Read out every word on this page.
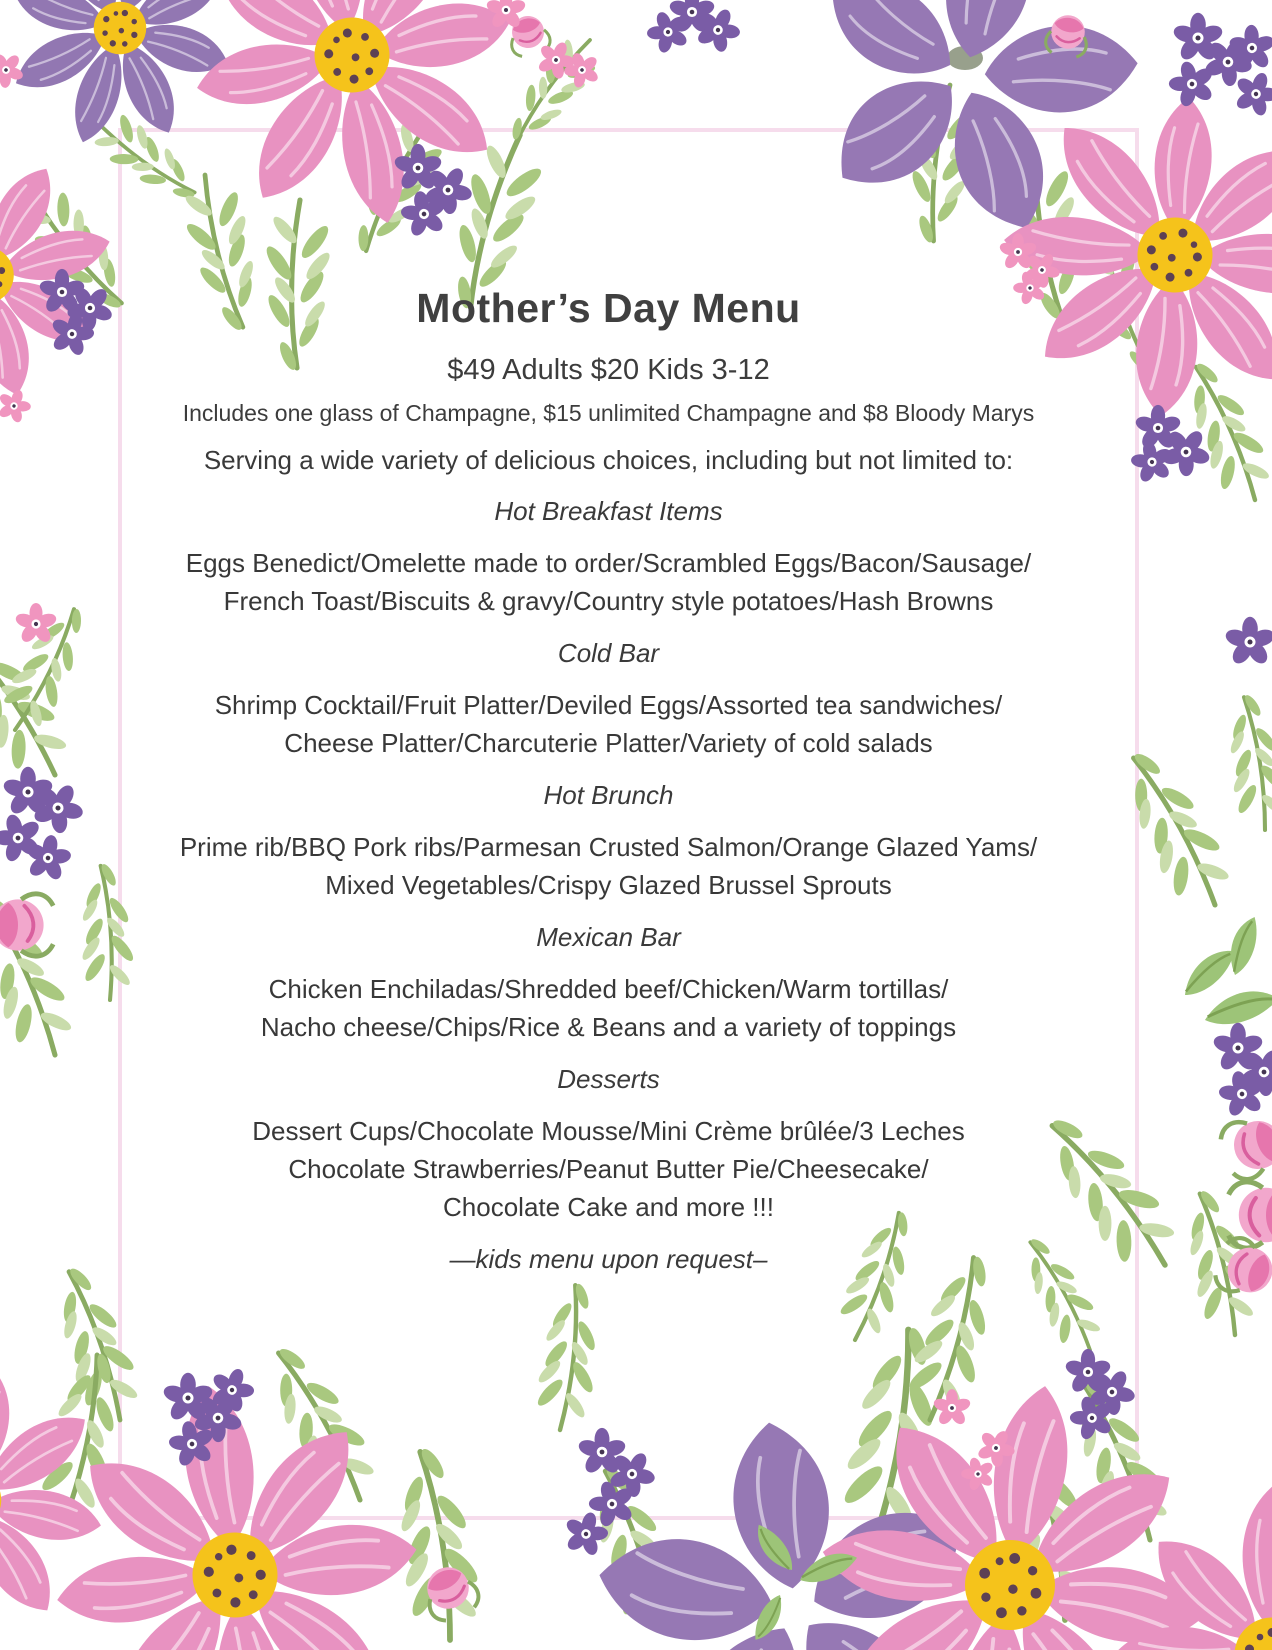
Mother’s Day Menu

$49 Adults $20 Kids 3-12

Includes one glass of Champagne, $15 unlimited Champagne and $8 Bloody Marys

Serving a wide variety of delicious choices, including but not limited to:

Hot Breakfast Items
Eggs Benedict/Omelette made to order/Scrambled Eggs/Bacon/Sausage/
French Toast/Biscuits & gravy/Country style potatoes/Hash Browns
Cold Bar
Shrimp Cocktail/Fruit Platter/Deviled Eggs/Assorted tea sandwiches/
Cheese Platter/Charcuterie Platter/Variety of cold salads
Hot Brunch
Prime rib/BBQ Pork ribs/Parmesan Crusted Salmon/Orange Glazed Yams/
Mixed Vegetables/Crispy Glazed Brussel Sprouts
Mexican Bar
Chicken Enchiladas/Shredded beef/Chicken/Warm tortillas/
Nacho cheese/Chips/Rice & Beans and a variety of toppings
Desserts
Dessert Cups/Chocolate Mousse/Mini Crème brûlée/3 Leches
Chocolate Strawberries/Peanut Butter Pie/Cheesecake/
Chocolate Cake and more !!!

—kids menu upon request–
